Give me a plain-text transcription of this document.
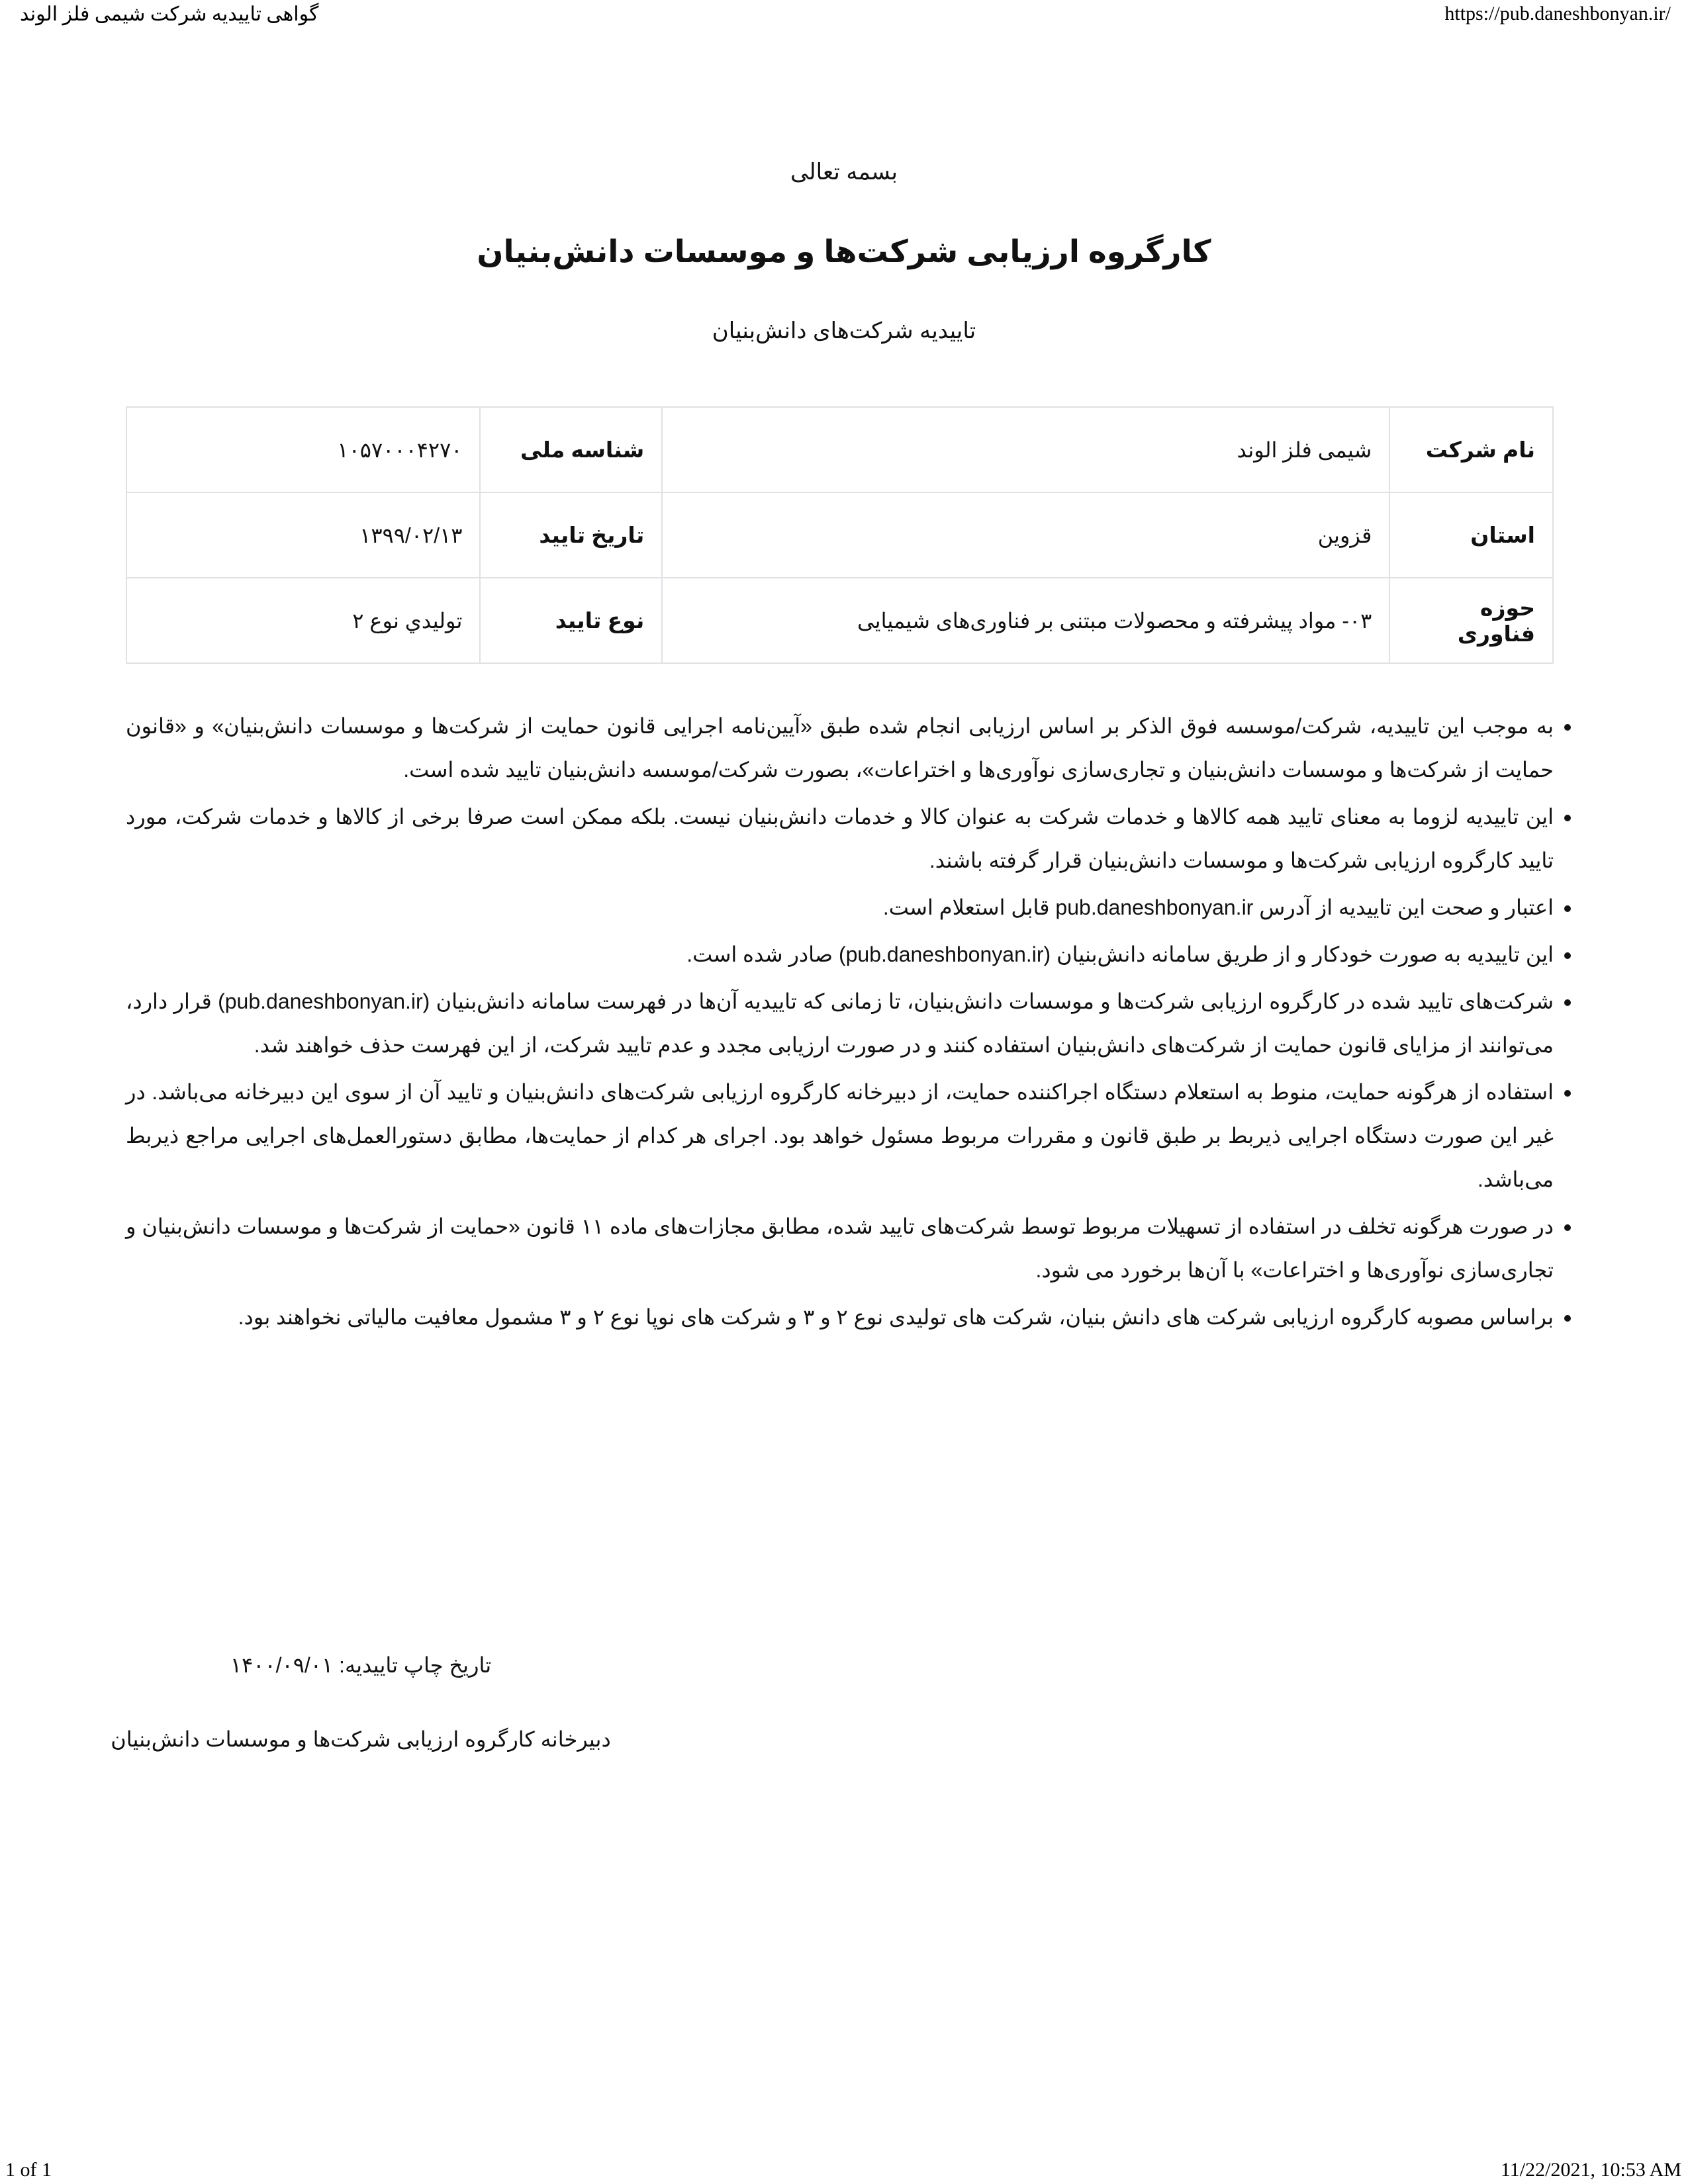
گواهی تاییدیه شرکت شیمی فلز الوند	https://pub.daneshbonyan.ir/
بسمه تعالی
کارگروه ارزیابی شرکت‌ها و موسسات دانش‌بنیان
تاییدیه شرکت‌های دانش‌بنیان
نام شرکت	شیمی فلز الوند	شناسه ملی	۱۰۵۷۰۰۰۴۲۷۰
استان	قزوین	تاریخ تایید	۱۳۹۹/۰۲/۱۳
حوزه فناوری	۰۳- مواد پیشرفته و محصولات مبتنی بر فناوری‌های شیمیایی	نوع تایید	تولیدي نوع ۲
• به موجب این تاییدیه، شرکت/موسسه فوق الذکر بر اساس ارزیابی انجام شده طبق «آیین‌نامه اجرایی قانون حمایت از شرکت‌ها و موسسات دانش‌بنیان» و «قانون حمایت از شرکت‌ها و موسسات دانش‌بنیان و تجاری‌سازی نوآوری‌ها و اختراعات»، بصورت شرکت/موسسه دانش‌بنیان تایید شده است.
• این تاییدیه لزوما به معنای تایید همه کالاها و خدمات شرکت به عنوان کالا و خدمات دانش‌بنیان نیست. بلکه ممکن است صرفا برخی از کالاها و خدمات شرکت، مورد تایید کارگروه ارزیابی شرکت‌ها و موسسات دانش‌بنیان قرار گرفته باشند.
• اعتبار و صحت این تاییدیه از آدرس pub.daneshbonyan.ir قابل استعلام است.
• این تاییدیه به صورت خودکار و از طریق سامانه دانش‌بنیان (pub.daneshbonyan.ir) صادر شده است.
• شرکت‌های تایید شده در کارگروه ارزیابی شرکت‌ها و موسسات دانش‌بنیان، تا زمانی که تاییدیه آن‌ها در فهرست سامانه دانش‌بنیان (pub.daneshbonyan.ir) قرار دارد، می‌توانند از مزایای قانون حمایت از شرکت‌های دانش‌بنیان استفاده کنند و در صورت ارزیابی مجدد و عدم تایید شرکت، از این فهرست حذف خواهند شد.
• استفاده از هرگونه حمایت، منوط به استعلام دستگاه اجراکننده حمایت، از دبیرخانه کارگروه ارزیابی شرکت‌های دانش‌بنیان و تایید آن از سوی این دبیرخانه می‌باشد. در غیر این صورت دستگاه اجرایی ذیربط بر طبق قانون و مقررات مربوط مسئول خواهد بود. اجرای هر کدام از حمایت‌ها، مطابق دستورالعمل‌های اجرایی مراجع ذیربط می‌باشد.
• در صورت هرگونه تخلف در استفاده از تسهیلات مربوط توسط شرکت‌های تایید شده، مطابق مجازات‌های ماده ۱۱ قانون «حمایت از شرکت‌ها و موسسات دانش‌بنیان و تجاری‌سازی نوآوری‌ها و اختراعات» با آن‌ها برخورد می شود.
• براساس مصوبه کارگروه ارزیابی شرکت های دانش بنیان، شرکت های تولیدی نوع ۲ و ۳ و شرکت های نوپا نوع ۲ و ۳ مشمول معافیت مالیاتی نخواهند بود.
تاریخ چاپ تاییدیه: ۱۴۰۰/۰۹/۰۱
دبیرخانه کارگروه ارزیابی شرکت‌ها و موسسات دانش‌بنیان
1 of 1	11/22/2021, 10:53 AM
